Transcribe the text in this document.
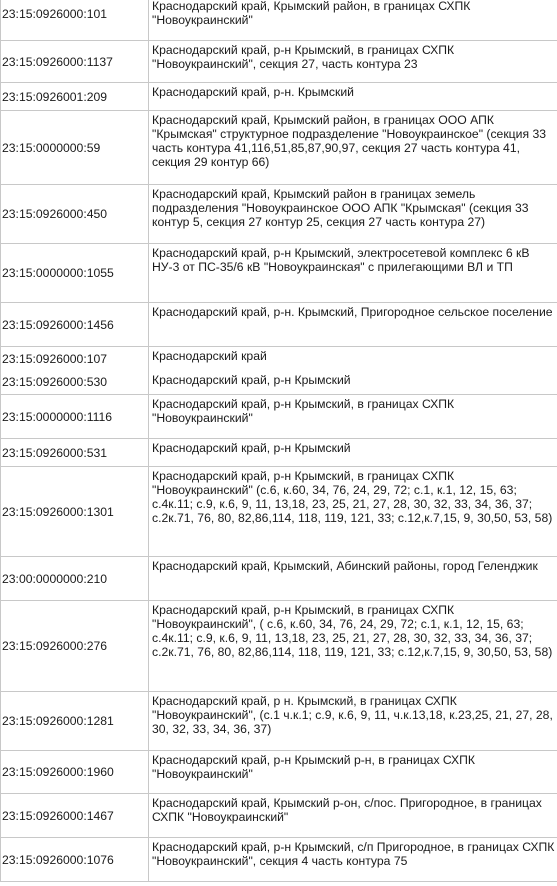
23:15:0926000:101	Краснодарский край, Крымский район, в границах СХПК "Новоукраинский"
23:15:0926000:1137	Краснодарский край, р-н Крымский, в границах СХПК "Новоукраинский", секция 27, часть контура 23
23:15:0926001:209	Краснодарский край, р-н. Крымский
23:15:0000000:59	Краснодарский край, Крымский район, в границах ООО АПК "Крымская" структурное подразделение "Новоукраинское" (секция 33 часть контура 41,116,51,85,87,90,97, секция 27 часть контура 41, секция 29 контур 66)
23:15:0926000:450	Краснодарский край, Крымский район в границах земель подразделения "Новоукраинское ООО АПК "Крымская" (секция 33 контур 5, секция 27 контур 25, секция 27 часть контура 27)
23:15:0000000:1055	Краснодарский край, р-н Крымский, электросетевой комплекс 6 кВ НУ-3 от ПС-35/6 кВ "Новоукраинская" с прилегающими ВЛ и ТП
23:15:0926000:1456	Краснодарский край, р-н. Крымский, Пригородное сельское поселение
23:15:0926000:107	Краснодарский край
23:15:0926000:530	Краснодарский край, р-н Крымский
23:15:0000000:1116	Краснодарский край, р-н Крымский, в границах СХПК "Новоукраинский"
23:15:0926000:531	Краснодарский край, р-н Крымский
23:15:0926000:1301	Краснодарский край, р-н Крымский, в границах СХПК "Новоукраинский" (с.6, к.60, 34, 76, 24, 29, 72; с.1, к.1, 12, 15, 63; с.4к.11; с.9, к.6, 9, 11, 13,18, 23, 25, 21, 27, 28, 30, 32, 33, 34, 36, 37; с.2к.71, 76, 80, 82,86,114, 118, 119, 121, 33; с.12,к.7,15, 9, 30,50, 53, 58)
23:00:0000000:210	Краснодарский край, Крымский, Абинский районы, город Геленджик
23:15:0926000:276	Краснодарский край, р-н Крымский, в границах СХПК "Новоукраинский", ( с.6, к.60, 34, 76, 24, 29, 72; с.1, к.1, 12, 15, 63; с.4к.11; с.9, к.6, 9, 11, 13,18, 23, 25, 21, 27, 28, 30, 32, 33, 34, 36, 37; с.2к.71, 76, 80, 82,86,114, 118, 119, 121, 33; с.12,к.7,15, 9, 30,50, 53, 58)
23:15:0926000:1281	Краснодарский край, р н. Крымский, в границах СХПК "Новоукраинский", (с.1 ч.к.1; с.9, к.6, 9, 11, ч.к.13,18, к.23,25, 21, 27, 28, 30, 32, 33, 34, 36, 37)
23:15:0926000:1960	Краснодарский край, р-н Крымский р-н, в границах СХПК "Новоукраинский"
23:15:0926000:1467	Краснодарский край, Крымский р-он, с/пос. Пригородное, в границах СХПК "Новоукраинский"
23:15:0926000:1076	Краснодарский край, р-н Крымский, с/п Пригородное, в границах СХПК "Новоукраинский", секция 4 часть контура 75
